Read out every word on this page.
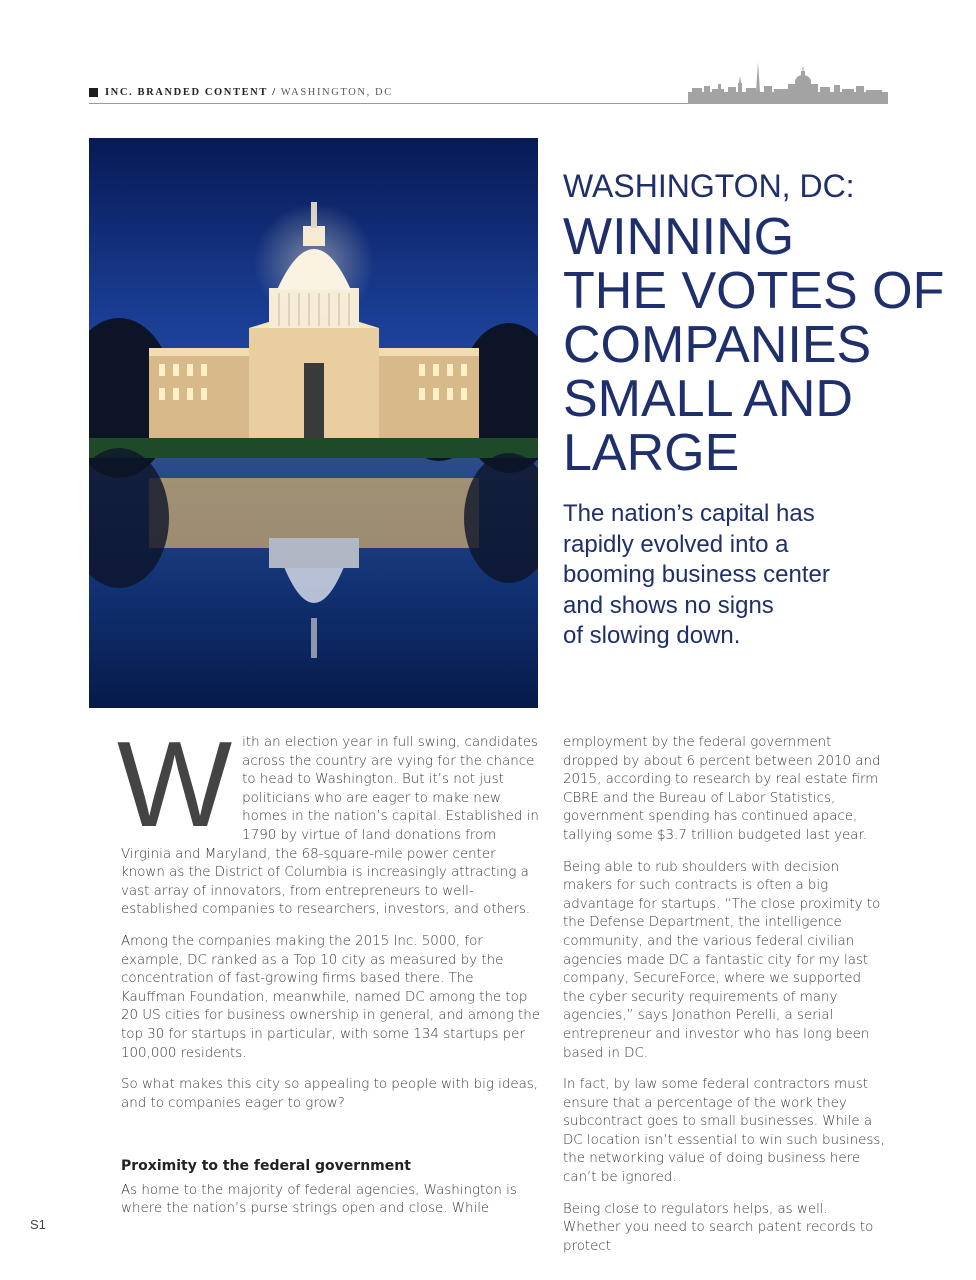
INC. BRANDED CONTENT / WASHINGTON, DC
WASHINGTON, DC:
WINNING
THE VOTES OF
COMPANIES
SMALL AND
LARGE

The nation’s capital has
rapidly evolved into a
booming business center
and shows no signs
of slowing down.

With an election year in full swing, candidates across the country are vying for the chance to head to Washington. But it’s not just politicians who are eager to make new homes in the nation’s capital. Established in 1790 by virtue of land donations from Virginia and Maryland, the 68-square-mile power center known as the District of Columbia is increasingly attracting a vast array of innovators, from entrepreneurs to well-established companies to researchers, investors, and others.

Among the companies making the 2015 Inc. 5000, for example, DC ranked as a Top 10 city as measured by the concentration of fast-growing firms based there. The Kauffman Foundation, meanwhile, named DC among the top 20 US cities for business ownership in general, and among the top 30 for startups in particular, with some 134 startups per 100,000 residents.

So what makes this city so appealing to people with big ideas, and to companies eager to grow?

Proximity to the federal government

As home to the majority of federal agencies, Washington is where the nation’s purse strings open and close. While

employment by the federal government dropped by about 6 percent between 2010 and 2015, according to research by real estate firm CBRE and the Bureau of Labor Statistics, government spending has continued apace, tallying some $3.7 trillion budgeted last year.

Being able to rub shoulders with decision makers for such contracts is often a big advantage for startups. “The close proximity to the Defense Department, the intelligence community, and the various federal civilian agencies made DC a fantastic city for my last company, SecureForce, where we supported the cyber security requirements of many agencies,” says Jonathon Perelli, a serial entrepreneur and investor who has long been based in DC.

In fact, by law some federal contractors must ensure that a percentage of the work they subcontract goes to small businesses. While a DC location isn’t essential to win such business, the networking value of doing business here can’t be ignored.

Being close to regulators helps, as well. Whether you need to search patent records to protect

S1
